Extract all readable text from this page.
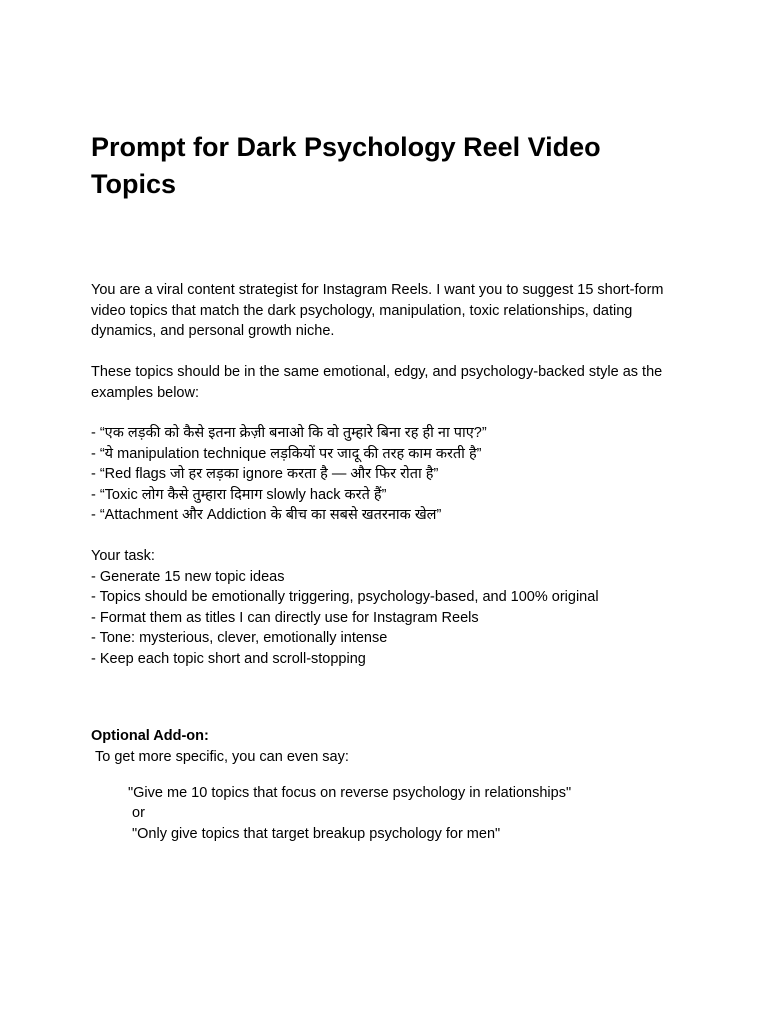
Prompt for Dark Psychology Reel Video Topics

You are a viral content strategist for Instagram Reels. I want you to suggest 15 short-form video topics that match the dark psychology, manipulation, toxic relationships, dating dynamics, and personal growth niche.

These topics should be in the same emotional, edgy, and psychology-backed style as the examples below:

- “एक लड़की को कैसे इतना क्रेज़ी बनाओ कि वो तुम्हारे बिना रह ही ना पाए?”
- “ये manipulation technique लड़कियों पर जादू की तरह काम करती है”
- “Red flags जो हर लड़का ignore करता है — और फिर रोता है”
- “Toxic लोग कैसे तुम्हारा दिमाग slowly hack करते हैं”
- “Attachment और Addiction के बीच का सबसे खतरनाक खेल”
Your task:
- Generate 15 new topic ideas
- Topics should be emotionally triggering, psychology-based, and 100% original
- Format them as titles I can directly use for Instagram Reels
- Tone: mysterious, clever, emotionally intense
- Keep each topic short and scroll-stopping
Optional Add-on:
To get more specific, you can even say:
"Give me 10 topics that focus on reverse psychology in relationships"
or
"Only give topics that target breakup psychology for men"
